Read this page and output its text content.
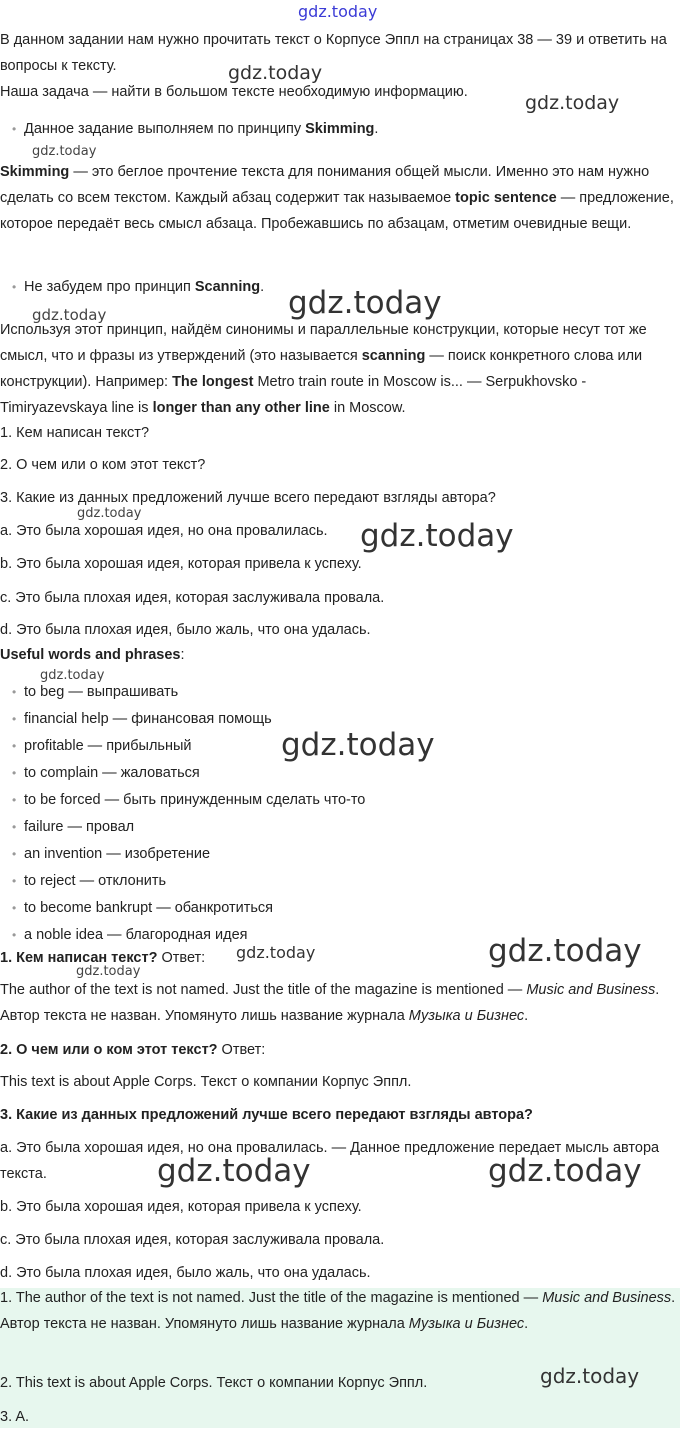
gdz.today
gdz.today
gdz.today
gdz.today
gdz.today
gdz.today
gdz.today
gdz.today
gdz.today
gdz.today
gdz.today	gdz.today
gdz.today
gdz.today	gdz.today
gdz.today

В данном задании нам нужно прочитать текст о Корпусе Эппл на страницах 38 — 39 и ответить на вопросы к тексту.

Наша задача — найти в большом тексте необходимую информацию.

• Данное задание выполняем по принципу Skimming.

Skimming — это беглое прочтение текста для понимания общей мысли. Именно это нам нужно сделать со всем текстом. Каждый абзац содержит так называемое topic sentence — предложение, которое передаёт весь смысл абзаца. Пробежавшись по абзацам, отметим очевидные вещи.

• Не забудем про принцип Scanning.

Используя этот принцип, найдём синонимы и параллельные конструкции, которые несут тот же смысл, что и фразы из утверждений (это называется scanning — поиск конкретного слова или конструкции). Например: The longest Metro train route in Moscow is... — Serpukhovsko -Timiryazevskaya line is longer than any other line in Moscow.

1. Кем написан текст?

2. О чем или о ком этот текст?

3. Какие из данных предложений лучше всего передают взгляды автора?

a. Это была хорошая идея, но она провалилась.

b. Это была хорошая идея, которая привела к успеху.

c. Это была плохая идея, которая заслуживала провала.

d. Это была плохая идея, было жаль, что она удалась.

Useful words and phrases:

• to beg — выпрашивать
• financial help — финансовая помощь
• profitable — прибыльный
• to complain — жаловаться
• to be forced — быть принужденным сделать что-то
• failure — провал
• an invention — изобретение
• to reject — отклонить
• to become bankrupt — обанкротиться
• a noble idea — благородная идея

1. Кем написан текст? Ответ:

The author of the text is not named. Just the title of the magazine is mentioned — Music and Business. Автор текста не назван. Упомянуто лишь название журнала Музыка и Бизнес.

2. О чем или о ком этот текст? Ответ:

This text is about Apple Corps. Текст о компании Корпус Эппл.

3. Какие из данных предложений лучше всего передают взгляды автора?

a. Это была хорошая идея, но она провалилась. — Данное предложение передает мысль автора текста.

b. Это была хорошая идея, которая привела к успеху.

c. Это была плохая идея, которая заслуживала провала.

d. Это была плохая идея, было жаль, что она удалась.

1. The author of the text is not named. Just the title of the magazine is mentioned — Music and Business. Автор текста не назван. Упомянуто лишь название журнала Музыка и Бизнес.

2. This text is about Apple Corps. Текст о компании Корпус Эппл.

3. A.
